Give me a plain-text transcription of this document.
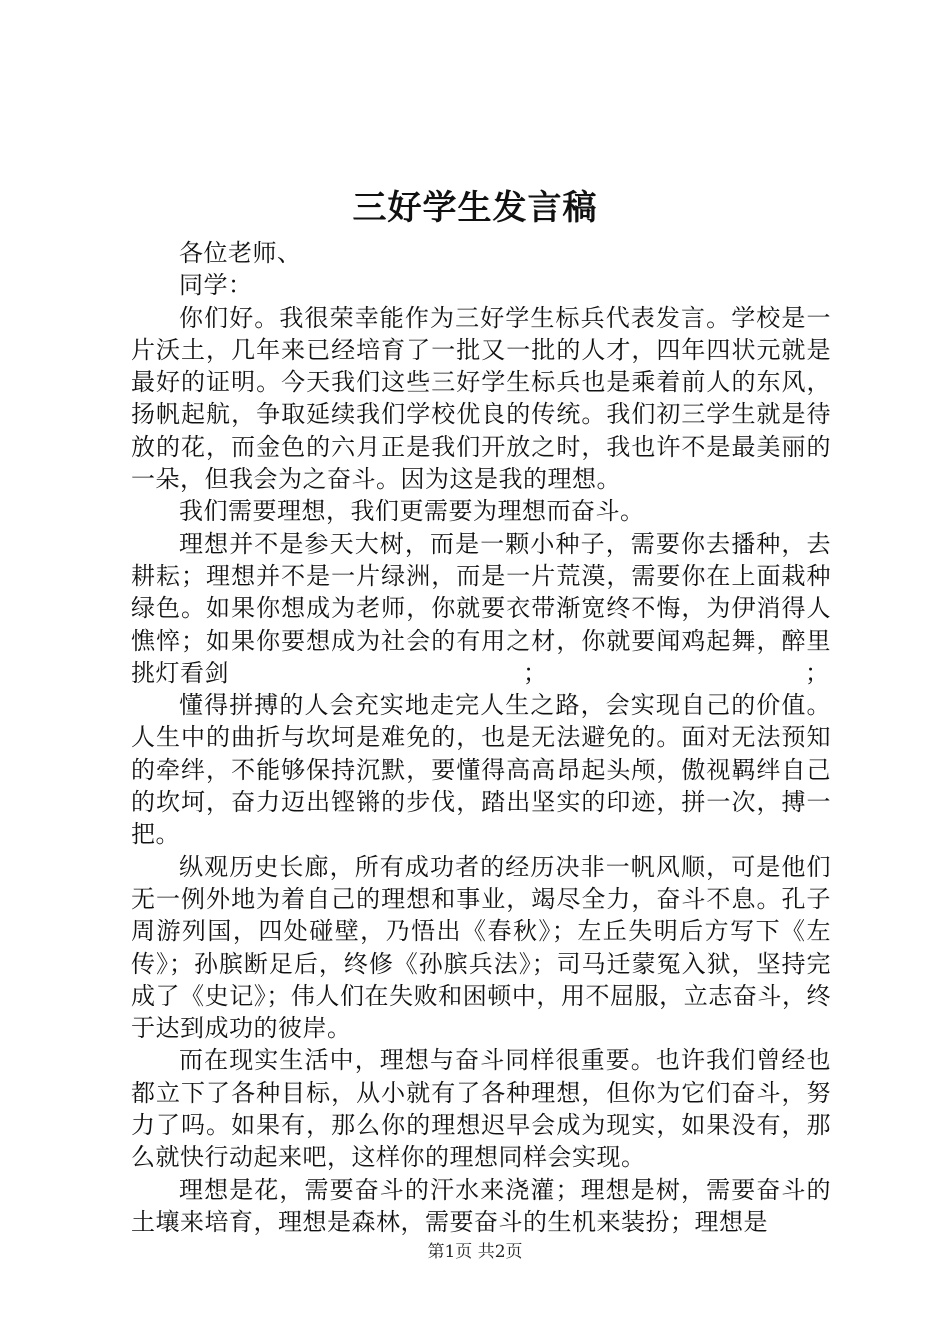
三好学生发言稿

各位老师、

同学：

你们好。我很荣幸能作为三好学生标兵代表发言。学校是一片沃土，几年来已经培育了一批又一批的人才，四年四状元就是最好的证明。今天我们这些三好学生标兵也是乘着前人的东风，扬帆起航，争取延续我们学校优良的传统。我们初三学生就是待放的花，而金色的六月正是我们开放之时，我也许不是最美丽的一朵，但我会为之奋斗。因为这是我的理想。

我们需要理想，我们更需要为理想而奋斗。

理想并不是参天大树，而是一颗小种子，需要你去播种，去耕耘；理想并不是一片绿洲，而是一片荒漠，需要你在上面栽种绿色。如果你想成为老师，你就要衣带渐宽终不悔，为伊消得人憔悴；如果你要想成为社会的有用之材，你就要闻鸡起舞，醉里挑灯看剑　　　　　　　　　　　　；　　　　　　　　　　　；

懂得拼搏的人会充实地走完人生之路，会实现自己的价值。人生中的曲折与坎坷是难免的，也是无法避免的。面对无法预知的牵绊，不能够保持沉默，要懂得高高昂起头颅，傲视羁绊自己的坎坷，奋力迈出铿锵的步伐，踏出坚实的印迹，拼一次，搏一把。

纵观历史长廊，所有成功者的经历决非一帆风顺，可是他们无一例外地为着自己的理想和事业，竭尽全力，奋斗不息。孔子周游列国，四处碰壁，乃悟出《春秋》；左丘失明后方写下《左传》；孙膑断足后，终修《孙膑兵法》；司马迁蒙冤入狱，坚持完成了《史记》；伟人们在失败和困顿中，用不屈服，立志奋斗，终于达到成功的彼岸。

而在现实生活中，理想与奋斗同样很重要。也许我们曾经也都立下了各种目标，从小就有了各种理想，但你为它们奋斗，努力了吗。如果有，那么你的理想迟早会成为现实，如果没有，那么就快行动起来吧，这样你的理想同样会实现。

理想是花，需要奋斗的汗水来浇灌；理想是树，需要奋斗的土壤来培育，理想是森林，需要奋斗的生机来装扮；理想是

第1页 共2页
